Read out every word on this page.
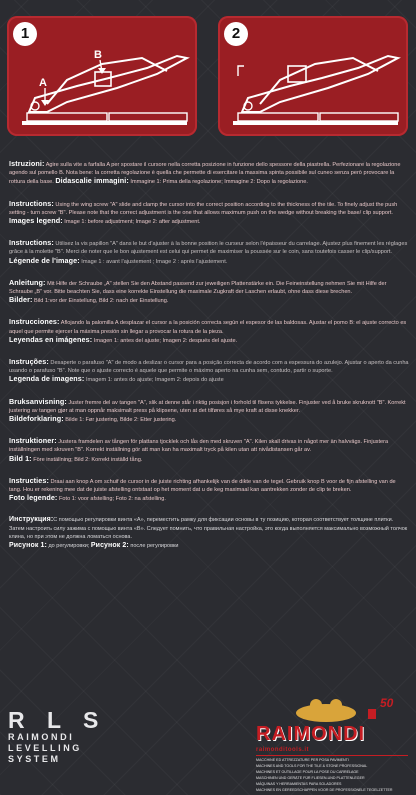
1
A
B
2

Istruzioni: Agire sulla vite a farfalla A per spostare il cursore nella corretta posizione in funzione dello spessore della piastrella. Perfezionare la regolazione agendo sul pomello B. Nota bene: la corretta regolazione è quella che permette di esercitare la massima spinta possibile sul cuneo senza però provocare la rottura della base. Didascalie immagini: Immagine 1: Prima della regolazione; Immagine 2: Dopo la regolazione.

Instructions: Using the wing screw "A" slide and clamp the cursor into the correct position according to the thickness of the tile. To finely adjust the push setting - turn screw "B". Please note that the correct adjustment is the one that allows maximum push on the wedge without breaking the base/ clip support.

Images legend: Image 1: before adjustment; Image 2: after adjustment.

Instructions: Utilisez la vis papillon "A" dans le but d'ajuster à la bonne position le curseur selon l'épaisseur du carrelage. Ajustez plus finement les réglages grâce à la molette "B". Merci de noter que le bon ajustement est celui qui permet de maximiser la poussée sur le coin, sans toutefois casser le clip/support.

Légende de l'image: Image 1 : avant l'ajustement ; Image 2 : après l'ajustement.

Anleitung: Mit Hilfe der Schraube „A" stellen Sie den Abstand passend zur jeweiligen Plattenstärke ein. Die Feineinstellung nehmen Sie mit Hilfe der Schraube „B" vor. Bitte beachten Sie, dass eine korrekte Einstellung die maximale Zugkraft der Laschen erlaubt, ohne dass diese brechen.

Bilder: Bild 1:vor der Einstellung, Bild 2: nach der Einstellung.

Instrucciones: Aflojando la palomilla A desplazar el cursor a la posición correcta según el espesor de las baldosas. Ajustar el pomo B: el ajuste correcto es aquel que permite ejercer la máxima presión sin llegar a provocar la rotura de la pieza.

Leyendas en imágenes: Imagen 1: antes del ajuste; Imagen 2: después del ajuste.

Instruções: Desaperte o parafuso "A" de modo a deslizar o cursor para a posição correcta de acordo com a espessura do azulejo. Ajustar o aperto da cunha usando o parafuso "B". Note que o ajuste correcto é aquele que permite o máximo aperto na cunha sem, contudo, partir o suporte.

Legenda de imagens: Imagem 1: antes do ajuste; Imagem 2: depois do ajuste

Bruksanvisning: Juster fremre del av tangen "A", slik at denne står i riktig posisjon i forhold til flisens tykkelse. Finjuster ved å bruke skruknott "B". Korrekt justering av tangen gjør at man oppnår maksimalt press på klipsene, uten at det tilføres så mye kraft at disse knekker.

Bildeforklaring: Bilde 1: Før justering, Bilde 2: Etter justering.

Instruktioner: Justera framdelen av tången för plattans tjocklek och lås den med skruven "A". Kilen skall drivas in något mer än halvvägs. Finjustera inställningen med skruven "B". Korrekt inställning gör att man kan ha maximalt tryck på kilen utan att nivådistansen går av.

Bild 1: Före inställning; Bild 2: Korrekt inställd tång.

Instructies: Draai aan knop A om schuif de cursor in de juiste richting afhankelijk van de dikte van de tegel. Gebruik knop B voor de fijn afstelling van de tang. Hou er rekening mee dat de juiste afstelling ontstaat op het moment dat u de keg maximaal kan aantrekken zonder de clip te breken.

Foto legende: Foto 1: voor afstelling; Foto 2: na afstelling.

Инструкция:С помощью регулировки винта «А», переместить рамку для фиксации основы в ту позицию, которая соответствует толщине плитки. Затем настроить силу зажима с помощью винта «В». Следует помнить, что правильная настройка, это когда выполняется максимально возможный толчок клина, но при этом не должна ломаться основа.

Рисунок 1: до регулировки; Рисунок 2: после регулировки

R L S
RAIMONDI
LEVELLING
SYSTEM
50
RAIMONDI
raimonditools.it
MACCHINE ED ATTREZZATURE PER POSA PAVIMENTI
MACHINES AND TOOLS FOR THE TILE & STONE PROFESSIONAL
MACHINES ET OUTILLAGE POUR LA POSE DU CARRELAGE
MASCHINEN UND GERÄTE FÜR FLIESEN-UND PLATTENLEGER
MÁQUINAS Y HERRAMIENTAS PARA SOLADORES
MACHINES EN GEREEDSCHAPPEN VOOR DE PROFESSIONELE TEGELZETTER
